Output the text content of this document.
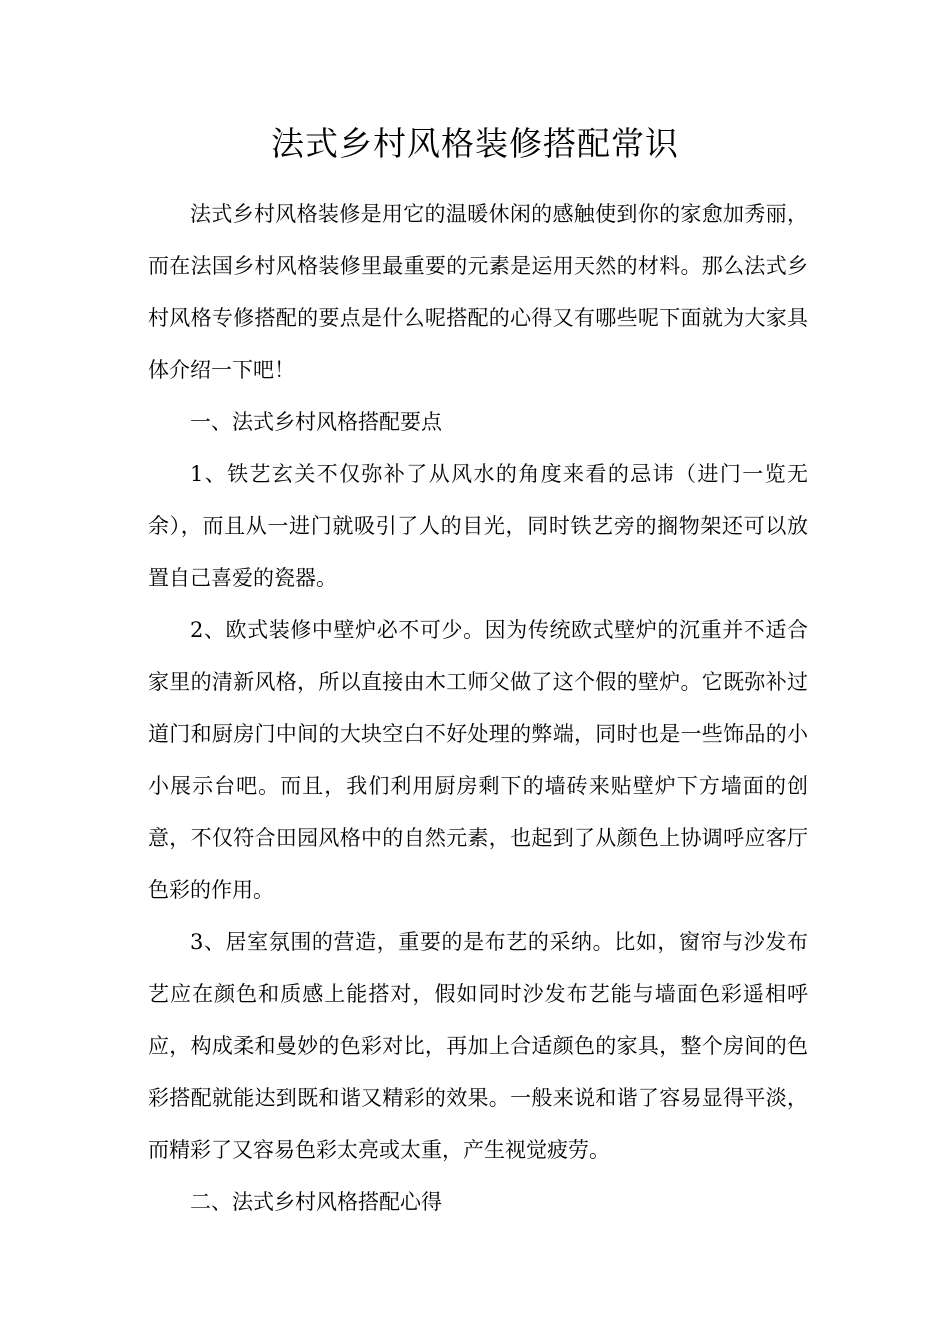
法式乡村风格装修搭配常识

法式乡村风格装修是用它的温暖休闲的感触使到你的家愈加秀丽，而在法国乡村风格装修里最重要的元素是运用天然的材料。那么法式乡村风格专修搭配的要点是什么呢搭配的心得又有哪些呢下面就为大家具体介绍一下吧！

一、法式乡村风格搭配要点

1、铁艺玄关不仅弥补了从风水的角度来看的忌讳（进门一览无余），而且从一进门就吸引了人的目光，同时铁艺旁的搁物架还可以放置自己喜爱的瓷器。

2、欧式装修中壁炉必不可少。因为传统欧式壁炉的沉重并不适合家里的清新风格，所以直接由木工师父做了这个假的壁炉。它既弥补过道门和厨房门中间的大块空白不好处理的弊端，同时也是一些饰品的小小展示台吧。而且，我们利用厨房剩下的墙砖来贴壁炉下方墙面的创意，不仅符合田园风格中的自然元素，也起到了从颜色上协调呼应客厅色彩的作用。

3、居室氛围的营造，重要的是布艺的采纳。比如，窗帘与沙发布艺应在颜色和质感上能搭对，假如同时沙发布艺能与墙面色彩遥相呼应，构成柔和曼妙的色彩对比，再加上合适颜色的家具，整个房间的色彩搭配就能达到既和谐又精彩的效果。一般来说和谐了容易显得平淡，而精彩了又容易色彩太亮或太重，产生视觉疲劳。

二、法式乡村风格搭配心得
